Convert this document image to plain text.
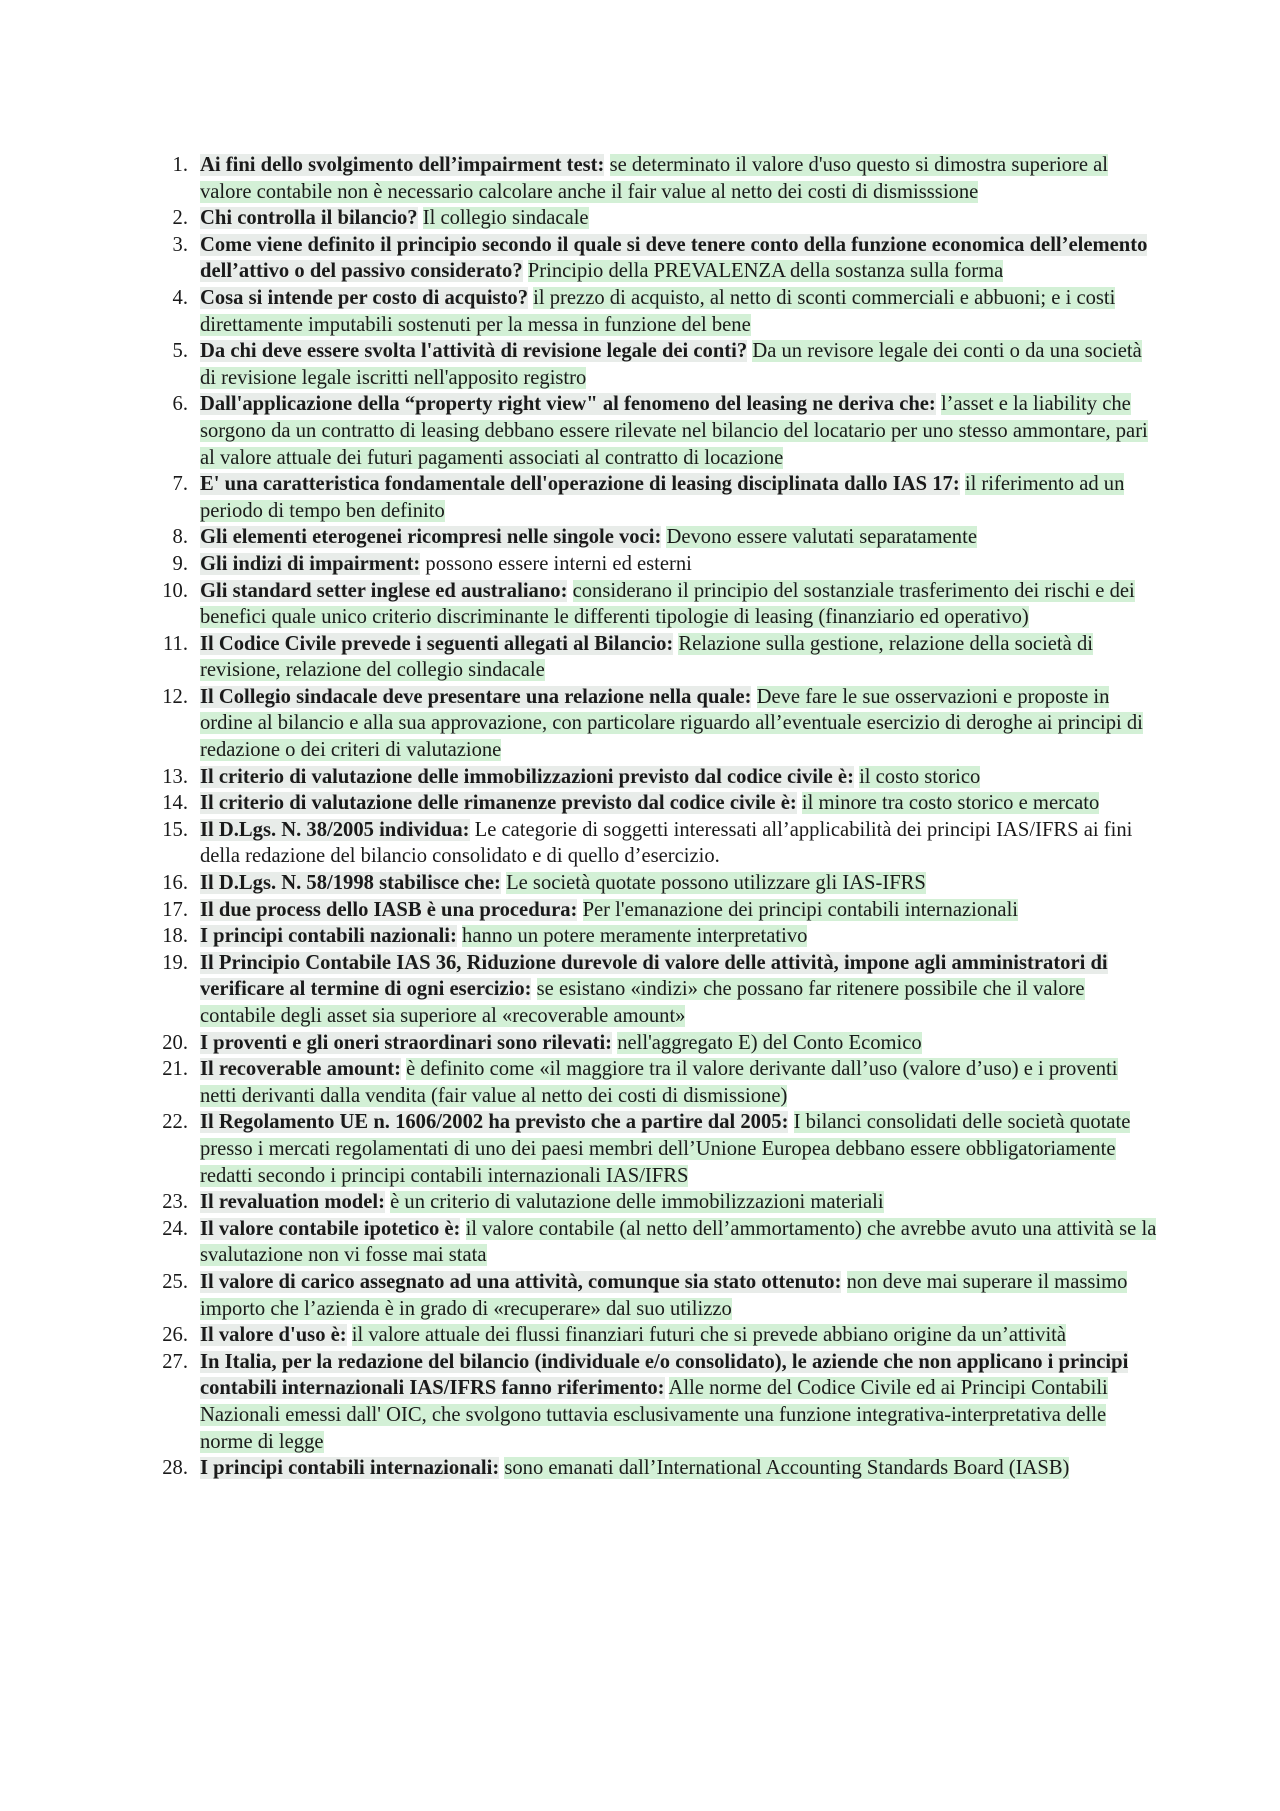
1. Ai fini dello svolgimento dell’impairment test: se determinato il valore d'uso questo si dimostra superiore al valore contabile non è necessario calcolare anche il fair value al netto dei costi di dismisssione
2. Chi controlla il bilancio? Il collegio sindacale
3. Come viene definito il principio secondo il quale si deve tenere conto della funzione economica dell’elemento dell’attivo o del passivo considerato? Principio della PREVALENZA della sostanza sulla forma
4. Cosa si intende per costo di acquisto? il prezzo di acquisto, al netto di sconti commerciali e abbuoni; e i costi direttamente imputabili sostenuti per la messa in funzione del bene
5. Da chi deve essere svolta l'attività di revisione legale dei conti? Da un revisore legale dei conti o da una società di revisione legale iscritti nell'apposito registro
6. Dall'applicazione della “property right view" al fenomeno del leasing ne deriva che: l’asset e la liability che sorgono da un contratto di leasing debbano essere rilevate nel bilancio del locatario per uno stesso ammontare, pari al valore attuale dei futuri pagamenti associati al contratto di locazione
7. E' una caratteristica fondamentale dell'operazione di leasing disciplinata dallo IAS 17: il riferimento ad un periodo di tempo ben definito
8. Gli elementi eterogenei ricompresi nelle singole voci: Devono essere valutati separatamente
9. Gli indizi di impairment: possono essere interni ed esterni
10. Gli standard setter inglese ed australiano: considerano il principio del sostanziale trasferimento dei rischi e dei benefici quale unico criterio discriminante le differenti tipologie di leasing (finanziario ed operativo)
11. Il Codice Civile prevede i seguenti allegati al Bilancio: Relazione sulla gestione, relazione della società di revisione, relazione del collegio sindacale
12. Il Collegio sindacale deve presentare una relazione nella quale: Deve fare le sue osservazioni e proposte in ordine al bilancio e alla sua approvazione, con particolare riguardo all’eventuale esercizio di deroghe ai principi di redazione o dei criteri di valutazione
13. Il criterio di valutazione delle immobilizzazioni previsto dal codice civile è: il costo storico
14. Il criterio di valutazione delle rimanenze previsto dal codice civile è: il minore tra costo storico e mercato
15. Il D.Lgs. N. 38/2005 individua: Le categorie di soggetti interessati all’applicabilità dei principi IAS/IFRS ai fini della redazione del bilancio consolidato e di quello d’esercizio.
16. Il D.Lgs. N. 58/1998 stabilisce che: Le società quotate possono utilizzare gli IAS-IFRS
17. Il due process dello IASB è una procedura: Per l'emanazione dei principi contabili internazionali
18. I principi contabili nazionali: hanno un potere meramente interpretativo
19. Il Principio Contabile IAS 36, Riduzione durevole di valore delle attività, impone agli amministratori di verificare al termine di ogni esercizio: se esistano «indizi» che possano far ritenere possibile che il valore contabile degli asset sia superiore al «recoverable amount»
20. I proventi e gli oneri straordinari sono rilevati: nell'aggregato E) del Conto Ecomico
21. Il recoverable amount: è definito come «il maggiore tra il valore derivante dall’uso (valore d’uso) e i proventi netti derivanti dalla vendita (fair value al netto dei costi di dismissione)
22. Il Regolamento UE n. 1606/2002 ha previsto che a partire dal 2005: I bilanci consolidati delle società quotate presso i mercati regolamentati di uno dei paesi membri dell’Unione Europea debbano essere obbligatoriamente redatti secondo i principi contabili internazionali IAS/IFRS
23. Il revaluation model: è un criterio di valutazione delle immobilizzazioni materiali
24. Il valore contabile ipotetico è: il valore contabile (al netto dell’ammortamento) che avrebbe avuto una attività se la svalutazione non vi fosse mai stata
25. Il valore di carico assegnato ad una attività, comunque sia stato ottenuto: non deve mai superare il massimo importo che l’azienda è in grado di «recuperare» dal suo utilizzo
26. Il valore d'uso è: il valore attuale dei flussi finanziari futuri che si prevede abbiano origine da un’attività
27. In Italia, per la redazione del bilancio (individuale e/o consolidato), le aziende che non applicano i principi contabili internazionali IAS/IFRS fanno riferimento: Alle norme del Codice Civile ed ai Principi Contabili Nazionali emessi dall' OIC, che svolgono tuttavia esclusivamente una funzione integrativa-interpretativa delle norme di legge
28. I principi contabili internazionali: sono emanati dall’International Accounting Standards Board (IASB)
